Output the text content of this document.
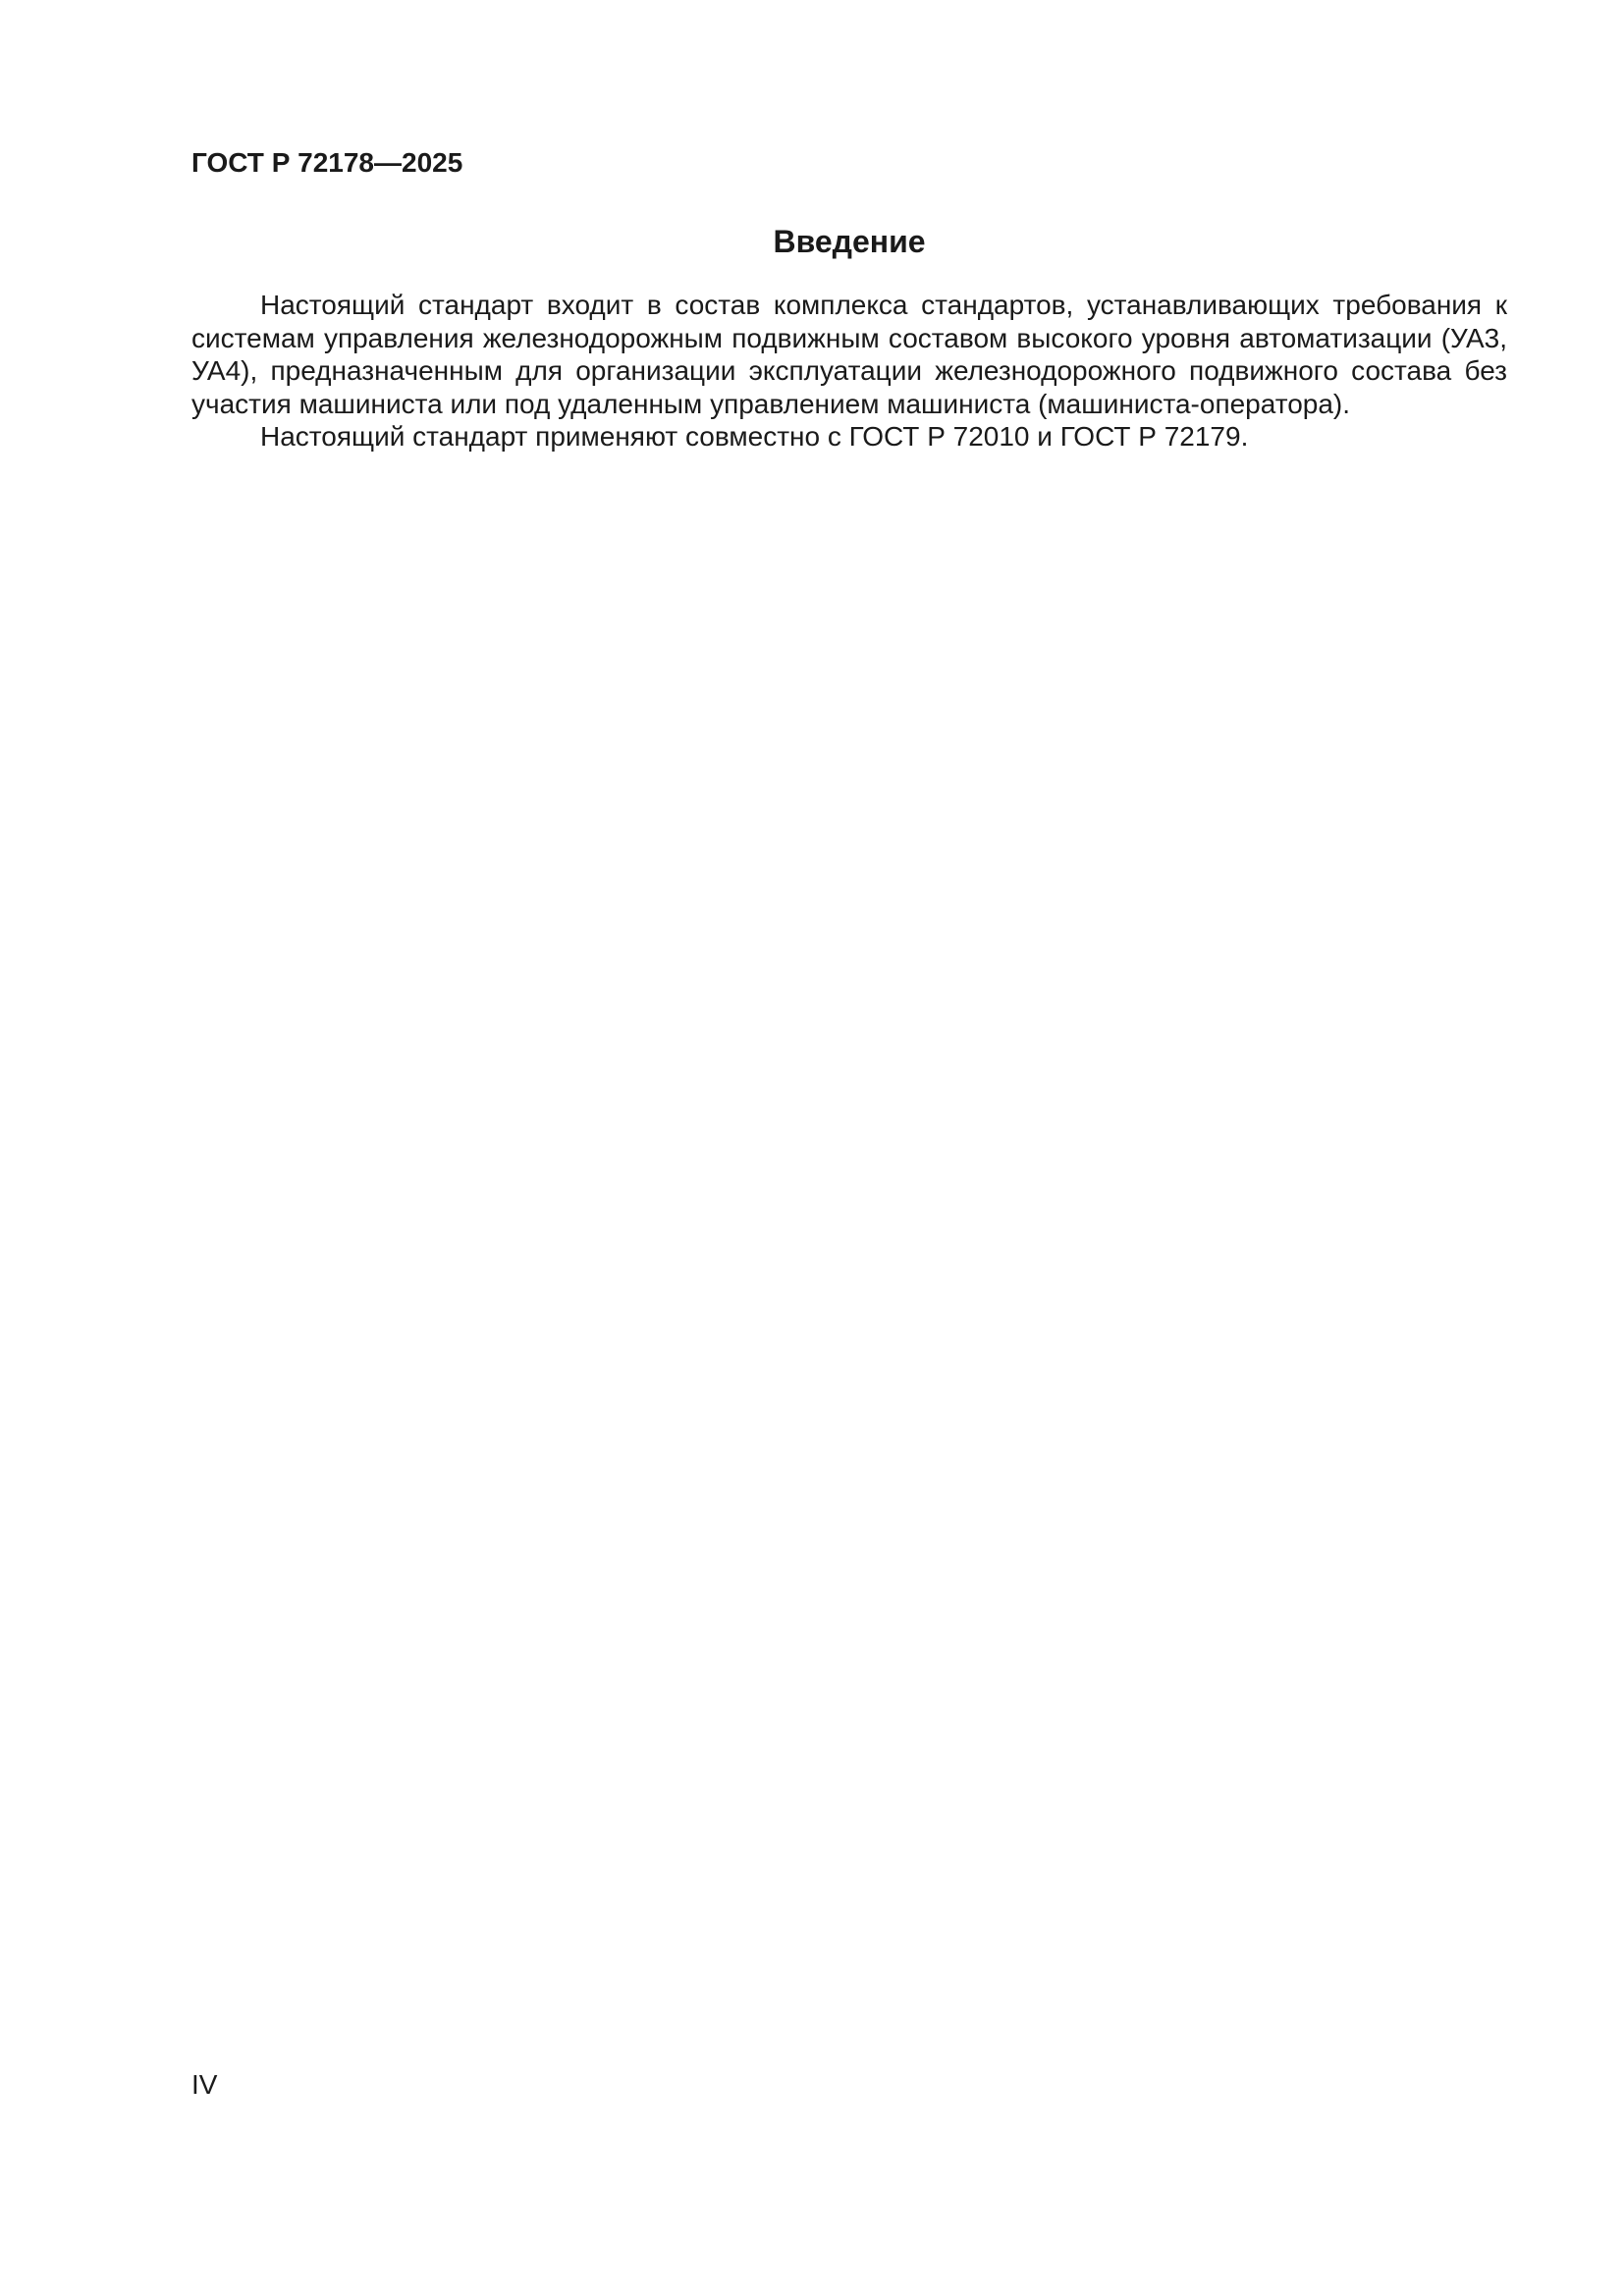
ГОСТ Р 72178—2025
Введение

Настоящий стандарт входит в состав комплекса стандартов, устанавливающих требования к системам управления железнодорожным подвижным составом высокого уровня автоматизации (УА3, УА4), предназначенным для организации эксплуатации железнодорожного подвижного состава без участия машиниста или под удаленным управлением машиниста (машиниста-оператора).

Настоящий стандарт применяют совместно с ГОСТ Р 72010 и ГОСТ Р 72179.

IV
